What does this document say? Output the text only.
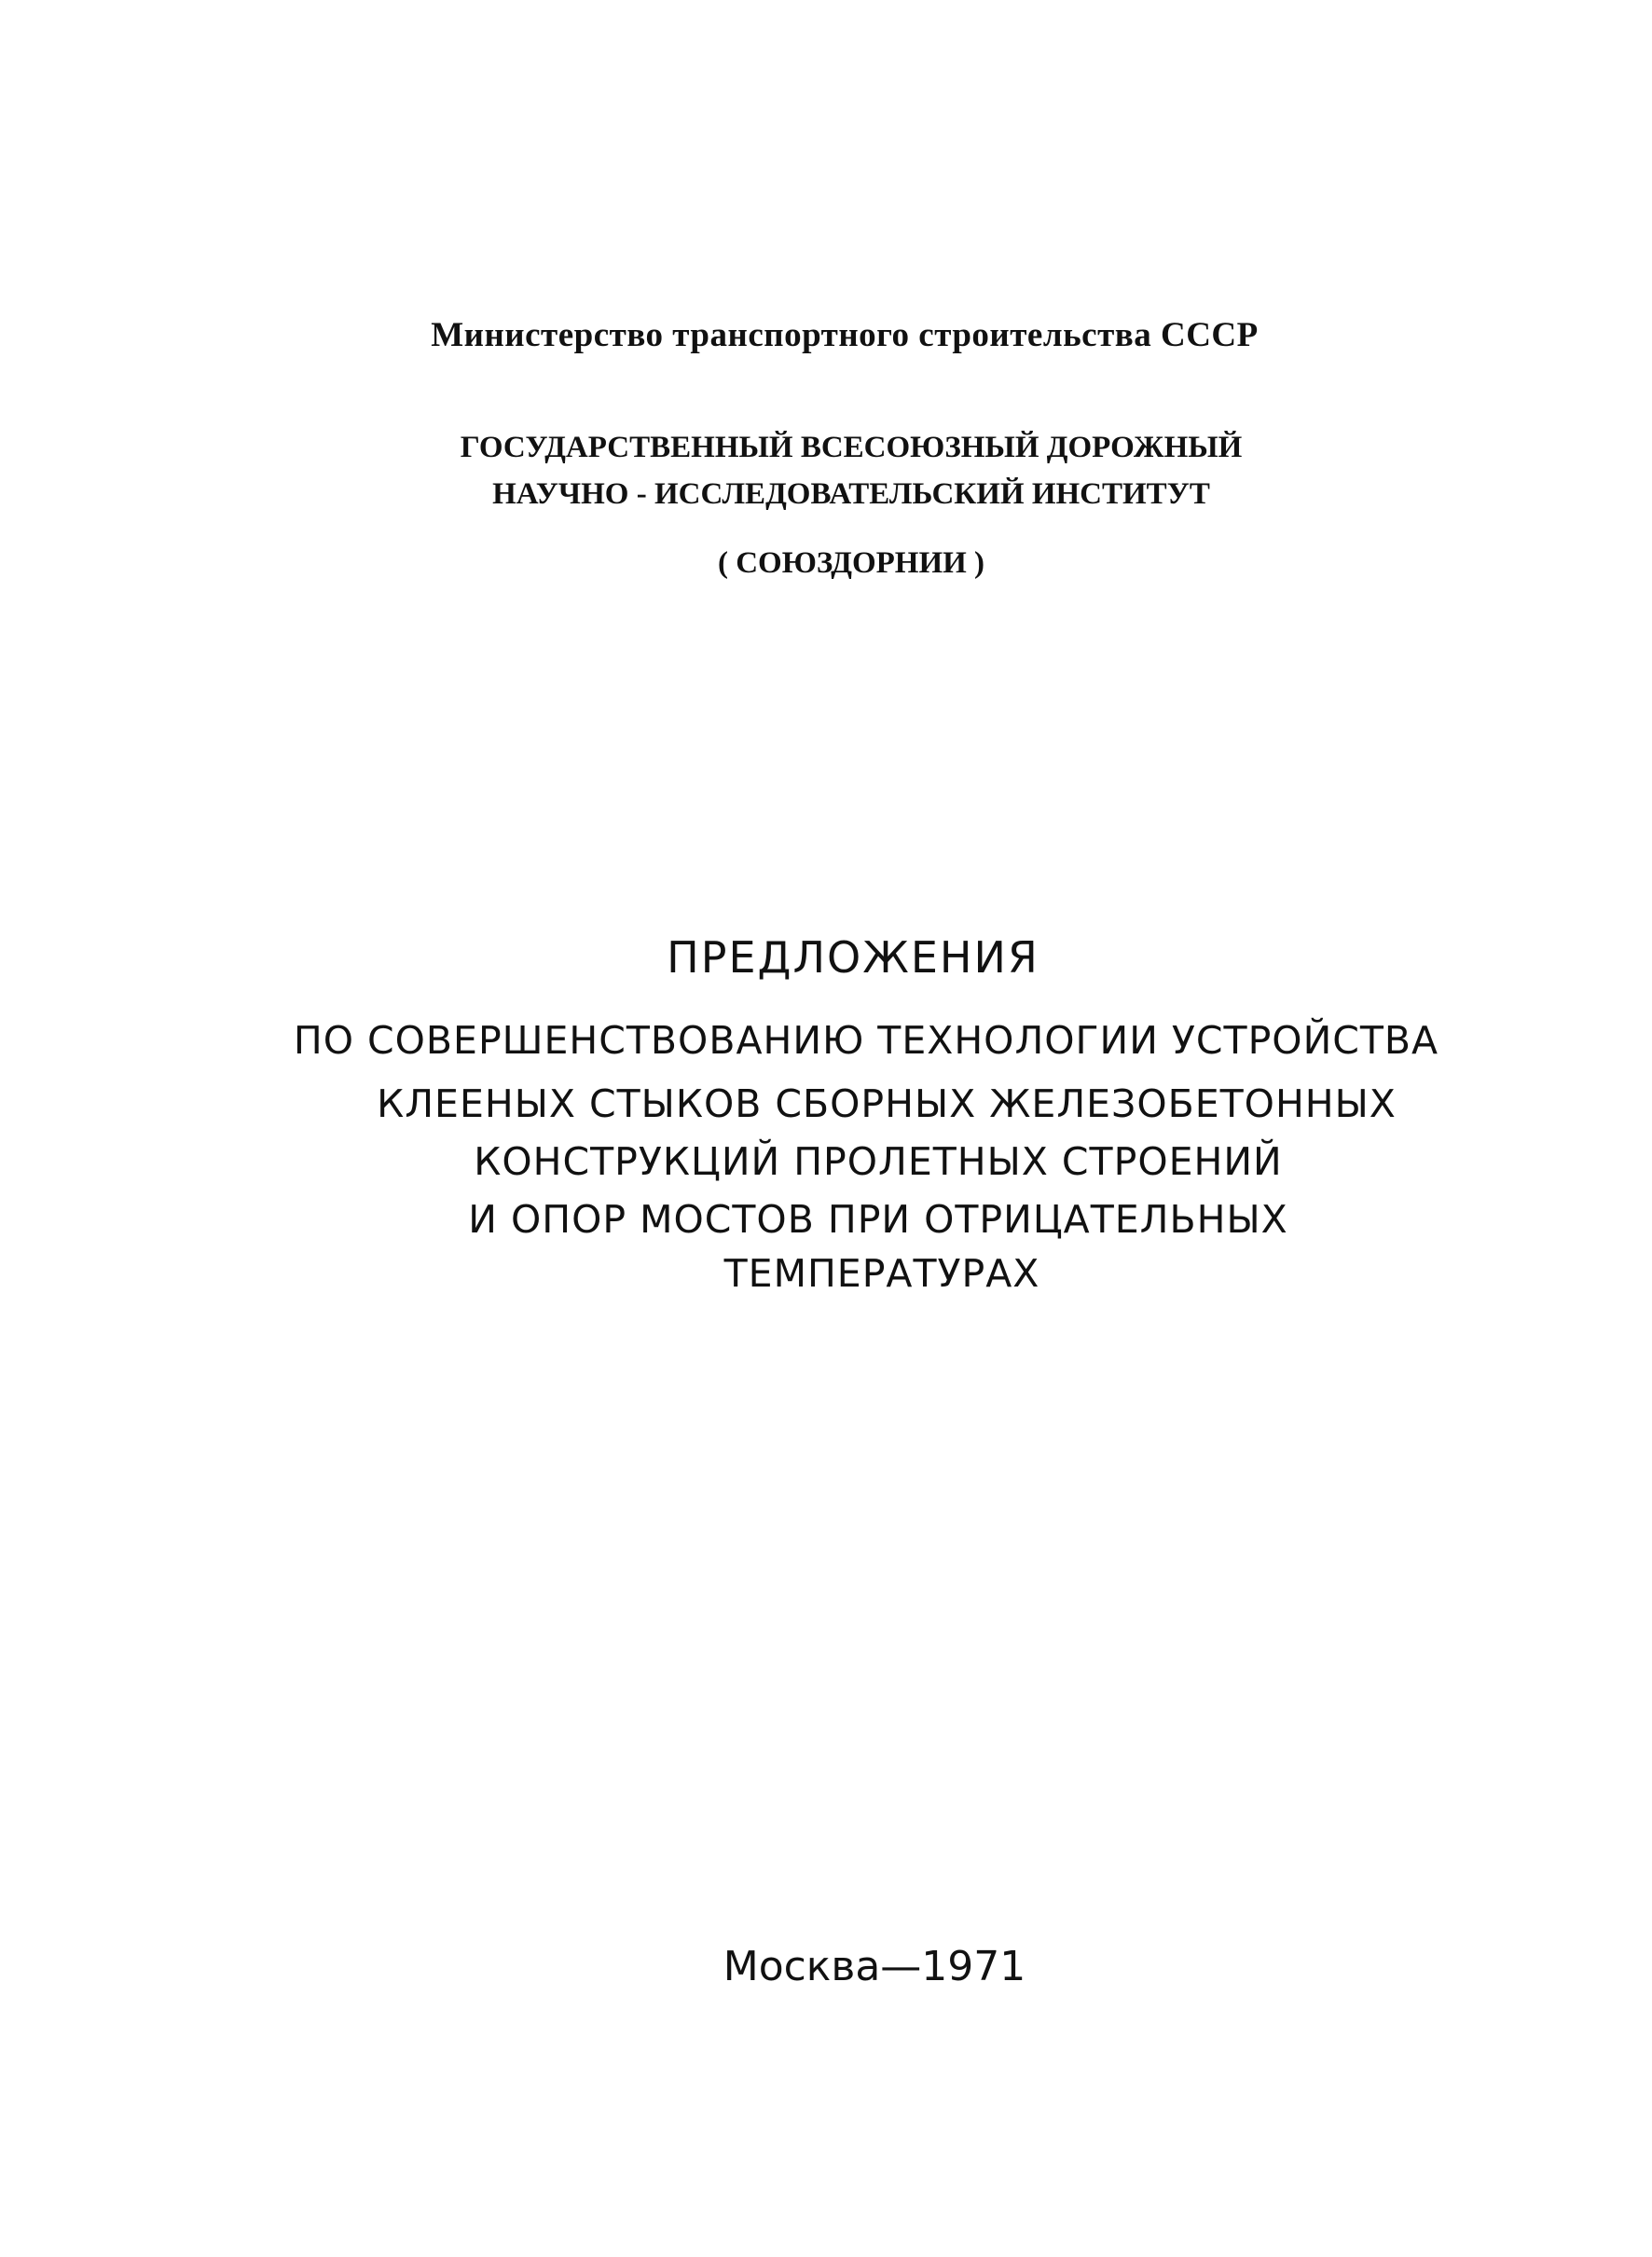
Министерство транспортного строительства СССР
ГОСУДАРСТВЕННЫЙ ВСЕСОЮЗНЫЙ ДОРОЖНЫЙ
НАУЧНО - ИССЛЕДОВАТЕЛЬСКИЙ ИНСТИТУТ
( СОЮЗДОРНИИ )
ПРЕДЛОЖЕНИЯ
ПО СОВЕРШЕНСТВОВАНИЮ ТЕХНОЛОГИИ УСТРОЙСТВА
КЛЕЕНЫХ СТЫКОВ СБОРНЫХ ЖЕЛЕЗОБЕТОННЫХ
КОНСТРУКЦИЙ ПРОЛЕТНЫХ СТРОЕНИЙ
И ОПОР МОСТОВ ПРИ ОТРИЦАТЕЛЬНЫХ
ТЕМПЕРАТУРАХ
Москва—1971
